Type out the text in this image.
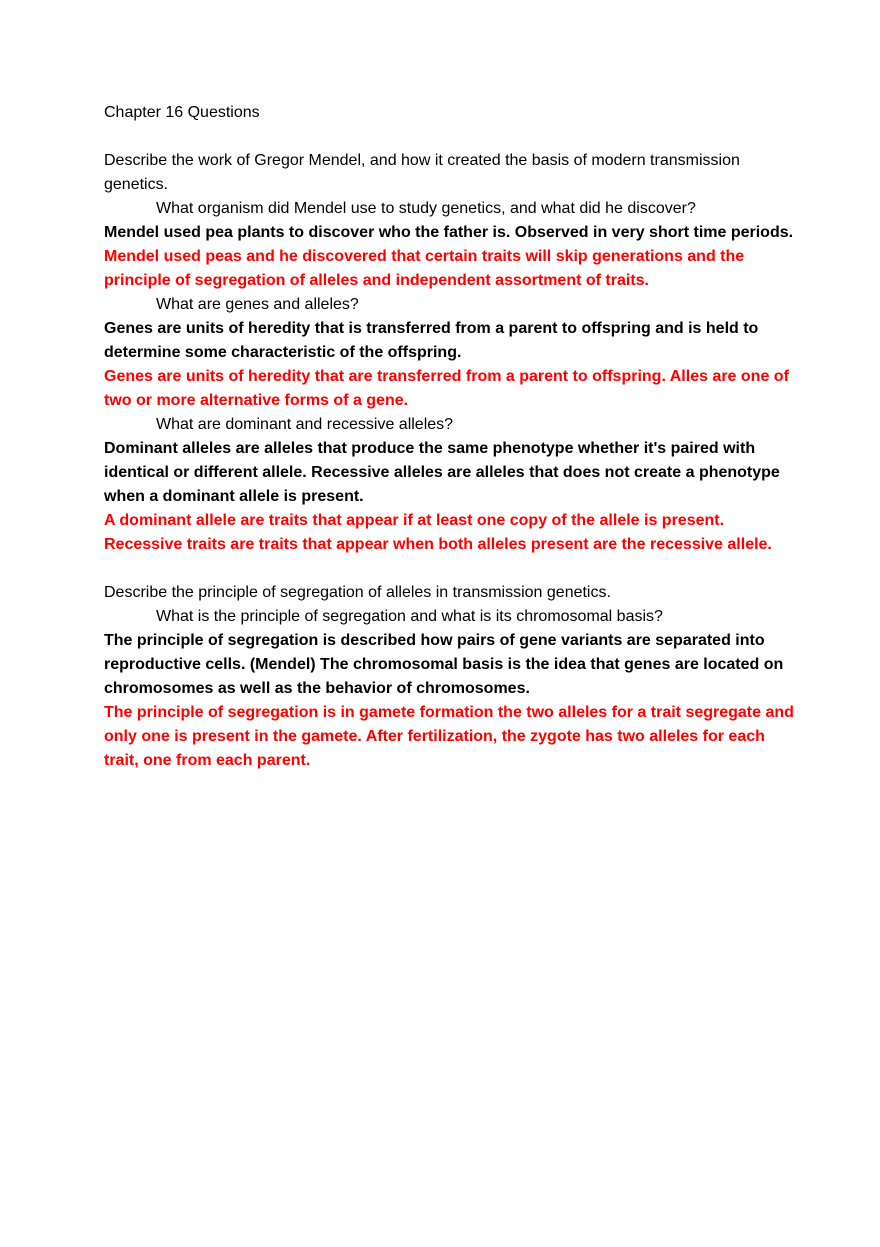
Chapter 16 Questions

Describe the work of Gregor Mendel, and how it created the basis of modern transmission genetics.

What organism did Mendel use to study genetics, and what did he discover?

Mendel used pea plants to discover who the father is. Observed in very short time periods.

Mendel used peas and he discovered that certain traits will skip generations and the principle of segregation of alleles and independent assortment of traits.

What are genes and alleles?

Genes are units of heredity that is transferred from a parent to offspring and is held to determine some characteristic of the offspring.

Genes are units of heredity that are transferred from a parent to offspring. Alles are one of two or more alternative forms of a gene.

What are dominant and recessive alleles?

Dominant alleles are alleles that produce the same phenotype whether it's paired with identical or different allele. Recessive alleles are alleles that does not create a phenotype when a dominant allele is present.

A dominant allele are traits that appear if at least one copy of the allele is present. Recessive traits are traits that appear when both alleles present are the recessive allele.

Describe the principle of segregation of alleles in transmission genetics.

What is the principle of segregation and what is its chromosomal basis?

The principle of segregation is described how pairs of gene variants are separated into reproductive cells. (Mendel) The chromosomal basis is the idea that genes are located on chromosomes as well as the behavior of chromosomes.

The principle of segregation is in gamete formation the two alleles for a trait segregate and only one is present in the gamete. After fertilization, the zygote has two alleles for each trait, one from each parent.
